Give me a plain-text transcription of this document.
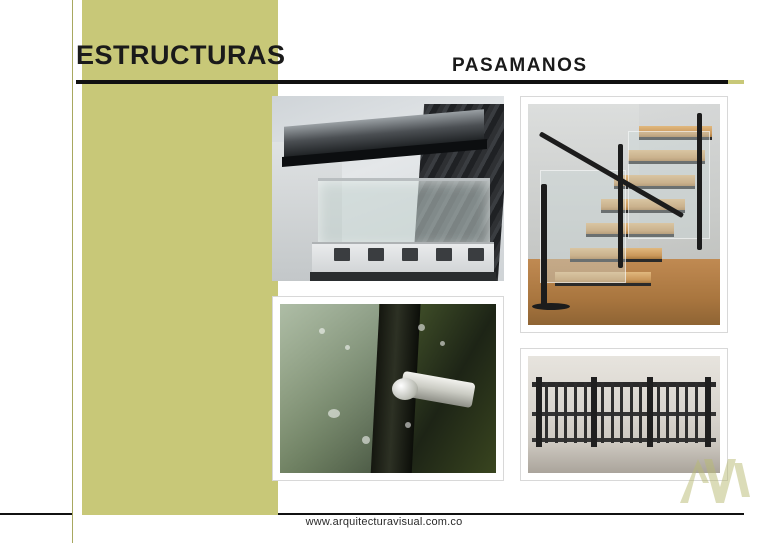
ESTRUCTURAS	PASAMANOS
www.arquitecturavisual.com.co
